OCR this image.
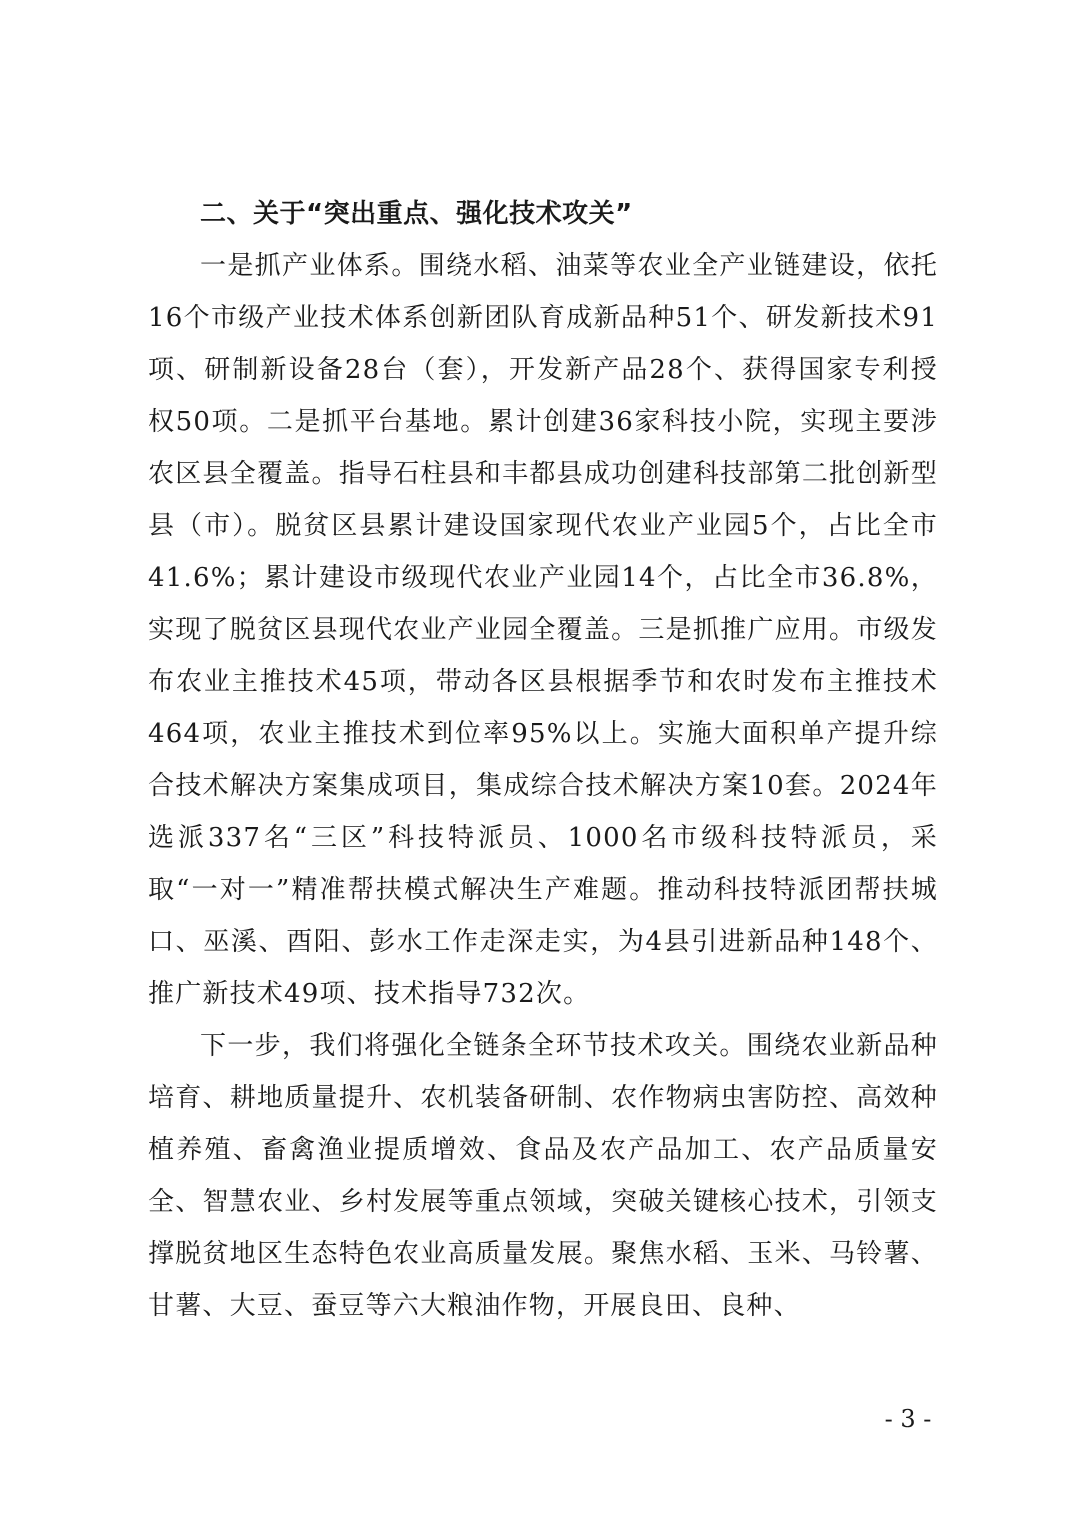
二、关于“突出重点、强化技术攻关”

一是抓产业体系。围绕水稻、油菜等农业全产业链建设，依托16个市级产业技术体系创新团队育成新品种51个、研发新技术91项、研制新设备28台（套），开发新产品28个、获得国家专利授权50项。二是抓平台基地。累计创建36家科技小院，实现主要涉农区县全覆盖。指导石柱县和丰都县成功创建科技部第二批创新型县（市）。脱贫区县累计建设国家现代农业产业园5个，占比全市41.6%；累计建设市级现代农业产业园14个，占比全市36.8%，实现了脱贫区县现代农业产业园全覆盖。三是抓推广应用。市级发布农业主推技术45项，带动各区县根据季节和农时发布主推技术464项，农业主推技术到位率95%以上。实施大面积单产提升综合技术解决方案集成项目，集成综合技术解决方案10套。2024年选派337名“三区”科技特派员、1000名市级科技特派员，采取“一对一”精准帮扶模式解决生产难题。推动科技特派团帮扶城口、巫溪、酉阳、彭水工作走深走实，为4县引进新品种148个、推广新技术49项、技术指导732次。

下一步，我们将强化全链条全环节技术攻关。围绕农业新品种培育、耕地质量提升、农机装备研制、农作物病虫害防控、高效种植养殖、畜禽渔业提质增效、食品及农产品加工、农产品质量安全、智慧农业、乡村发展等重点领域，突破关键核心技术，引领支撑脱贫地区生态特色农业高质量发展。聚焦水稻、玉米、马铃薯、甘薯、大豆、蚕豆等六大粮油作物，开展良田、良种、

- 3 -
